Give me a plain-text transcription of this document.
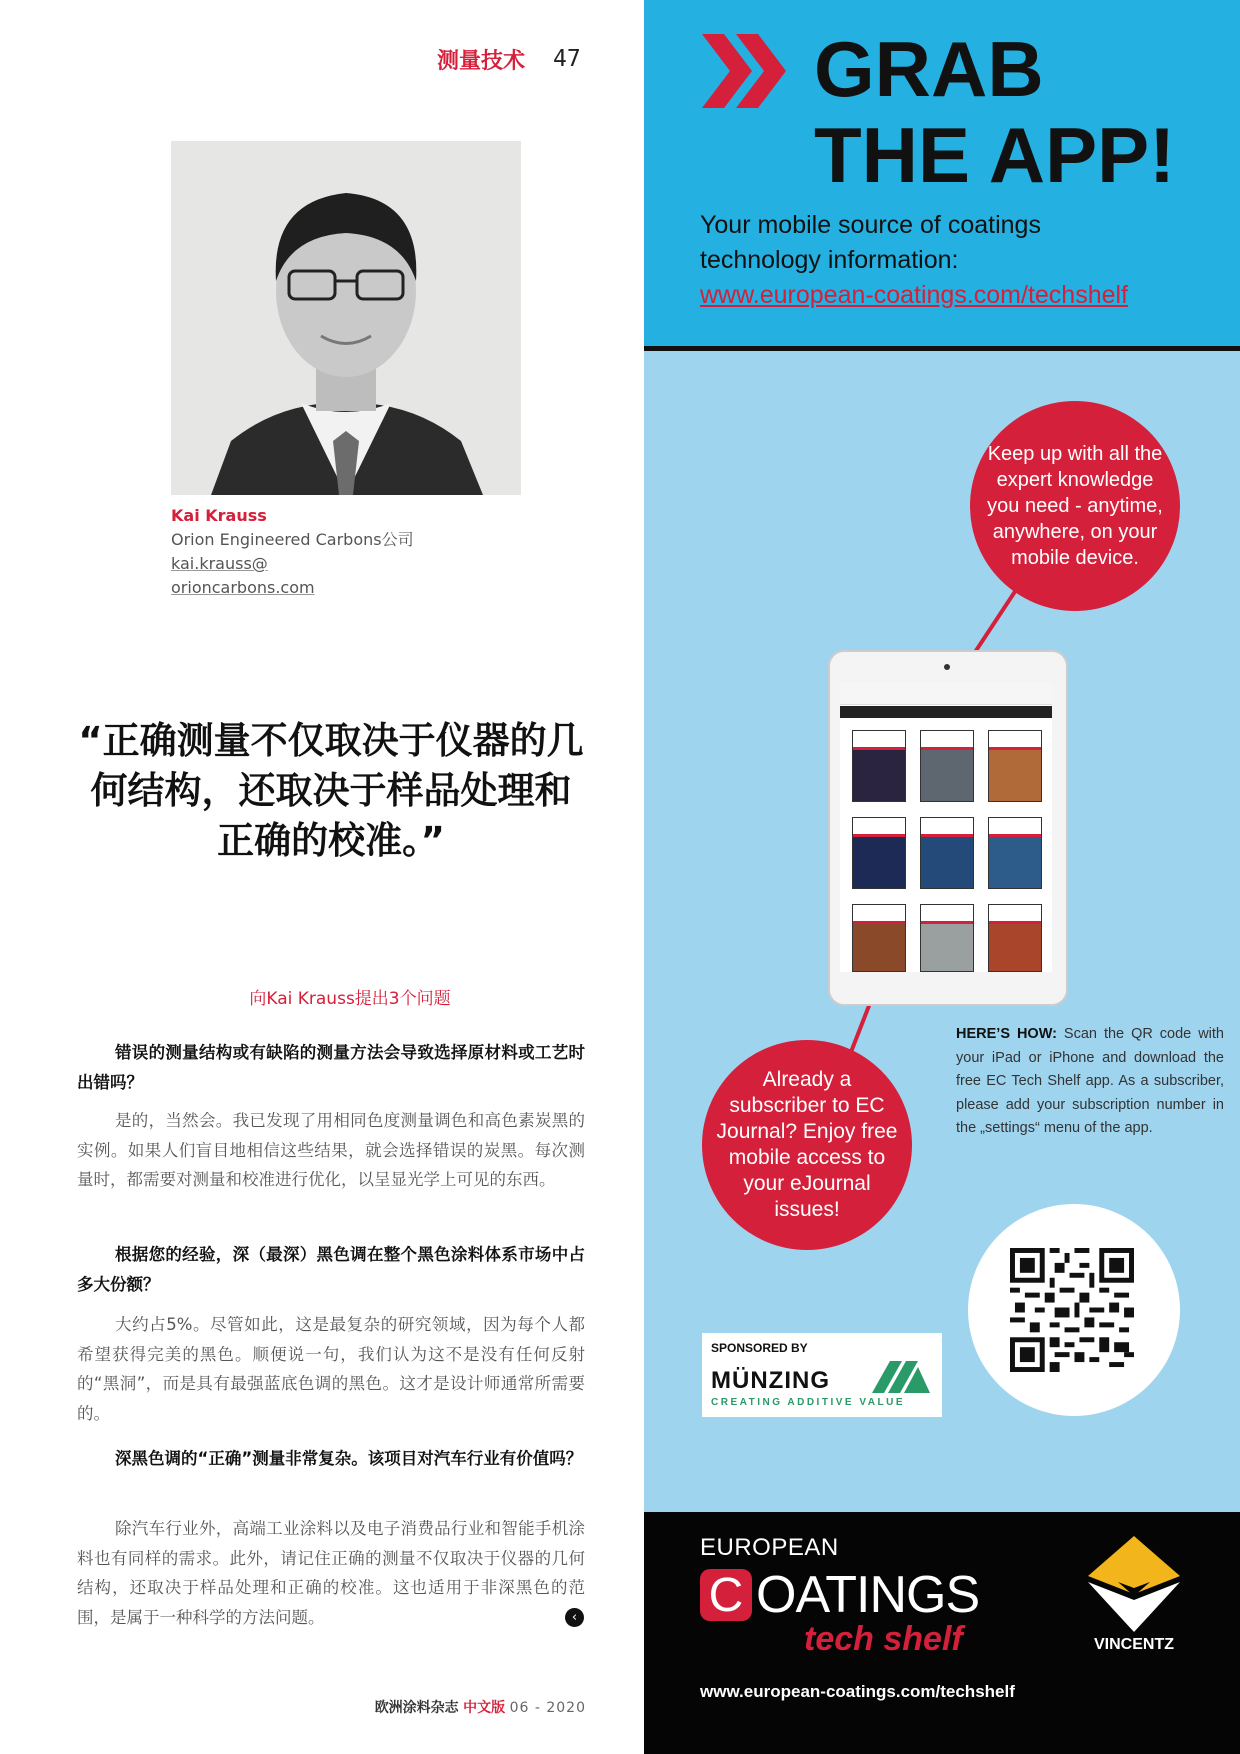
测量技术 47
Kai Krauss
Orion Engineered Carbons公司
kai.krauss@
orioncarbons.com
“正确测量不仅取决于仪器的几何结构，还取决于样品处理和正确的校准。”
向Kai Krauss提出3个问题
错误的测量结构或有缺陷的测量方法会导致选择原材料或工艺时出错吗？
是的，当然会。我已发现了用相同色度测量调色和高色素炭黑的实例。如果人们盲目地相信这些结果，就会选择错误的炭黑。每次测量时，都需要对测量和校准进行优化，以呈显光学上可见的东西。
根据您的经验，深（最深）黑色调在整个黑色涂料体系市场中占多大份额？
大约占5%。尽管如此，这是最复杂的研究领域，因为每个人都希望获得完美的黑色。顺便说一句，我们认为这不是没有任何反射的“黑洞”，而是具有最强蓝底色调的黑色。这才是设计师通常所需要的。
深黑色调的“正确”测量非常复杂。该项目对汽车行业有价值吗？
除汽车行业外，高端工业涂料以及电子消费品行业和智能手机涂料也有同样的需求。此外，请记住正确的测量不仅取决于仪器的几何结构，还取决于样品处理和正确的校准。这也适用于非深黑色的范围，是属于一种科学的方法问题。	‹
欧洲涂料杂志 中文版 06 - 2020
GRAB
THE APP!
Your mobile source of coatings
technology information:
www.european-coatings.com/techshelf
Keep up with all the expert knowledge you need - anytime, anywhere, on your mobile device.
Already a subscriber to EC Journal? Enjoy free mobile access to your eJournal issues!
HERE’S HOW: Scan the QR code with your iPad or iPhone and download the free EC Tech Shelf app. As a subscriber, please add your subscription number in the „settings“ menu of the app.
SPONSORED BY
MÜNZING
CREATING ADDITIVE VALUE
EUROPEAN
C OATINGS
tech shelf	VINCENTZ
www.european-coatings.com/techshelf
